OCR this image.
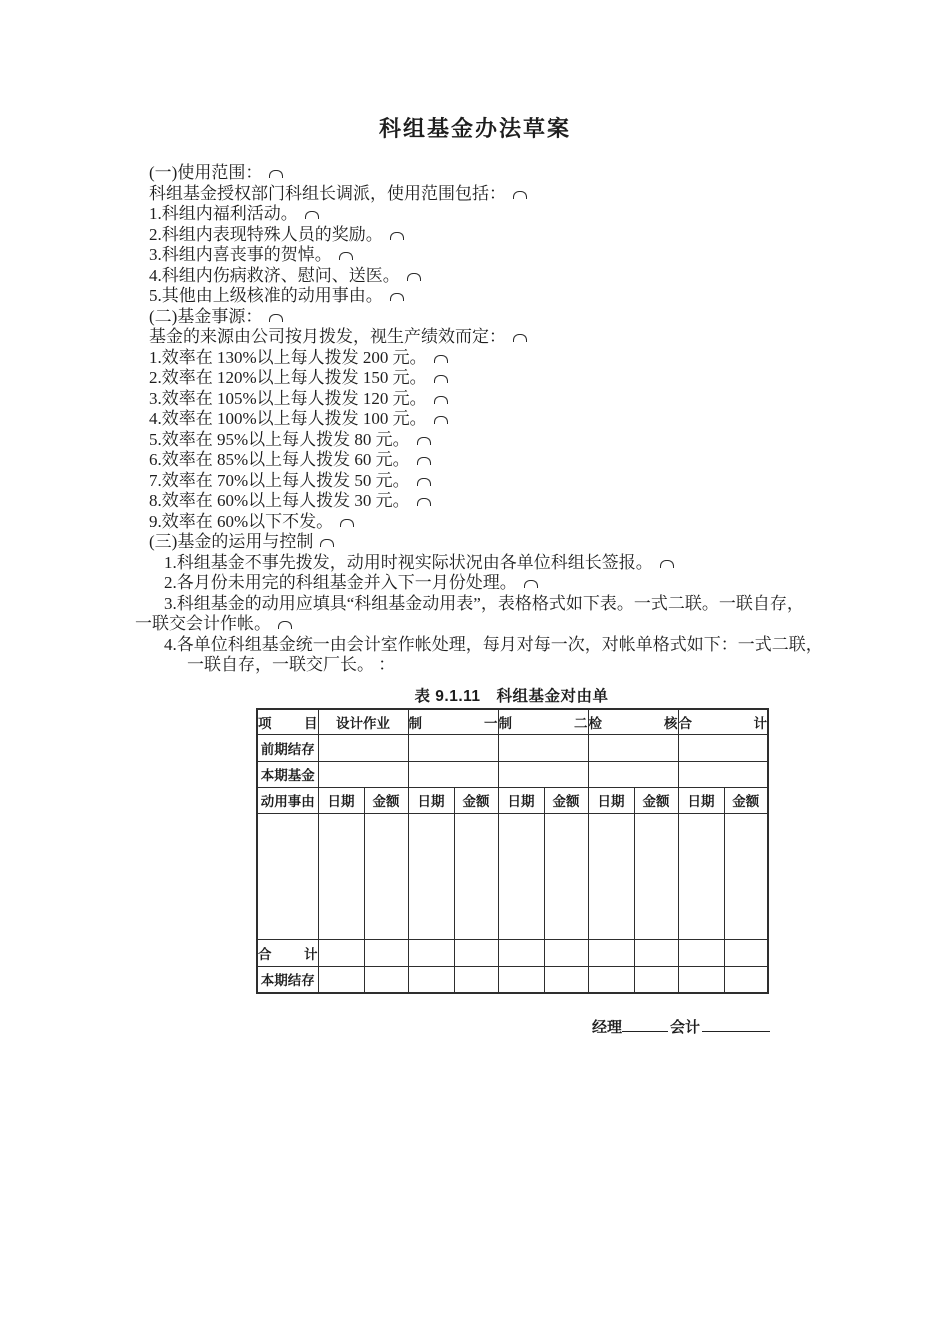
科组基金办法草案
(一)使用范围：
科组基金授权部门科组长调派，使用范围包括：
1.科组内福利活动。
2.科组内表现特殊人员的奖励。
3.科组内喜丧事的贺悼。
4.科组内伤病救济、慰问、送医。
5.其他由上级核准的动用事由。
(二)基金事源：
基金的来源由公司按月拨发，视生产绩效而定：
1.效率在 130%以上每人拨发 200 元。
2.效率在 120%以上每人拨发 150 元。
3.效率在 105%以上每人拨发 120 元。
4.效率在 100%以上每人拨发 100 元。
5.效率在 95%以上每人拨发 80 元。
6.效率在 85%以上每人拨发 60 元。
7.效率在 70%以上每人拨发 50 元。
8.效率在 60%以上每人拨发 30 元。
9.效率在 60%以下不发。
(三)基金的运用与控制
1.科组基金不事先拨发，动用时视实际状况由各单位科组长签报。
2.各月份未用完的科组基金并入下一月份处理。
3.科组基金的动用应填具“科组基金动用表”，表格格式如下表。一式二联。一联自存，
一联交会计作帐。
4.各单位科组基金统一由会计室作帐处理，每月对每一次，对帐单格式如下：一式二联，
一联自存，一联交厂长。 ：
表 9.1.11　科组基金对由单
项　目	设计作业		制　一		制　二		检　核		合　计	
前期结存										
本期基金										
动用事由	日期	金额	日期	金额	日期	金额	日期	金额	日期	金额

合　计										
本期结存										
经理	会计
